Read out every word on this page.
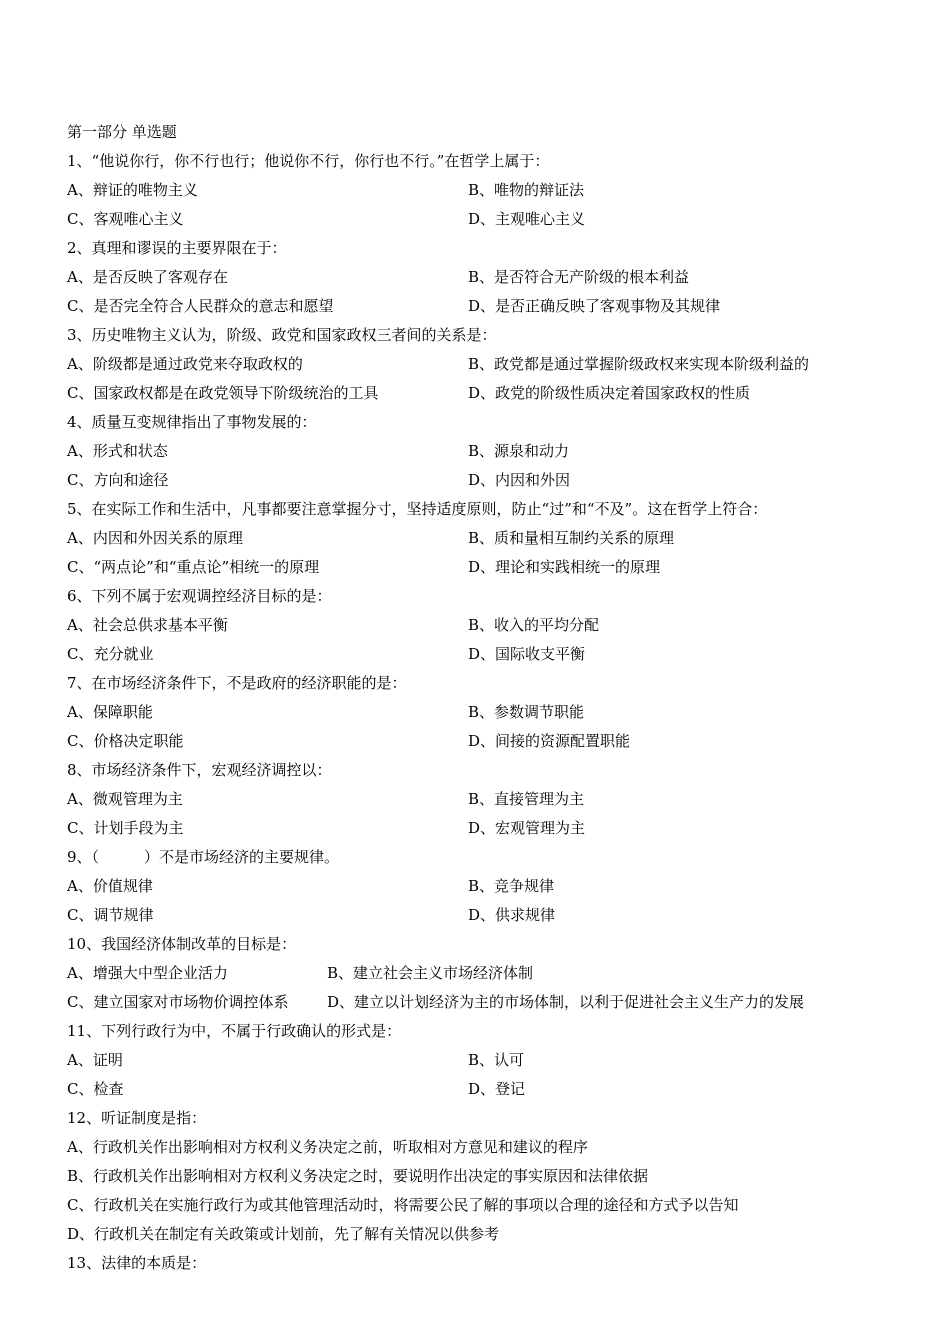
第一部分 单选题
1、“他说你行，你不行也行；他说你不行，你行也不行。”在哲学上属于：
A、辩证的唯物主义	B、唯物的辩证法
C、客观唯心主义	D、主观唯心主义
2、真理和谬误的主要界限在于：
A、是否反映了客观存在	B、是否符合无产阶级的根本利益
C、是否完全符合人民群众的意志和愿望	D、是否正确反映了客观事物及其规律
3、历史唯物主义认为，阶级、政党和国家政权三者间的关系是：
A、阶级都是通过政党来夺取政权的	B、政党都是通过掌握阶级政权来实现本阶级利益的
C、国家政权都是在政党领导下阶级统治的工具	D、政党的阶级性质决定着国家政权的性质
4、质量互变规律指出了事物发展的：
A、形式和状态	B、源泉和动力
C、方向和途径	D、内因和外因
5、在实际工作和生活中，凡事都要注意掌握分寸，坚持适度原则，防止“过”和“不及”。这在哲学上符合：
A、内因和外因关系的原理	B、质和量相互制约关系的原理
C、“两点论”和“重点论”相统一的原理	D、理论和实践相统一的原理
6、下列不属于宏观调控经济目标的是：
A、社会总供求基本平衡	B、收入的平均分配
C、充分就业	D、国际收支平衡
7、在市场经济条件下，不是政府的经济职能的是：
A、保障职能	B、参数调节职能
C、价格决定职能	D、间接的资源配置职能
8、市场经济条件下，宏观经济调控以：
A、微观管理为主	B、直接管理为主
C、计划手段为主	D、宏观管理为主
9、（　　　）不是市场经济的主要规律。
A、价值规律	B、竞争规律
C、调节规律	D、供求规律
10、我国经济体制改革的目标是：
A、增强大中型企业活力	B、建立社会主义市场经济体制
C、建立国家对市场物价调控体系	D、建立以计划经济为主的市场体制，以利于促进社会主义生产力的发展
11、下列行政行为中，不属于行政确认的形式是：
A、证明	B、认可
C、检查	D、登记
12、听证制度是指：
A、行政机关作出影响相对方权利义务决定之前，听取相对方意见和建议的程序
B、行政机关作出影响相对方权利义务决定之时，要说明作出决定的事实原因和法律依据
C、行政机关在实施行政行为或其他管理活动时，将需要公民了解的事项以合理的途径和方式予以告知
D、行政机关在制定有关政策或计划前，先了解有关情况以供参考
13、法律的本质是：
